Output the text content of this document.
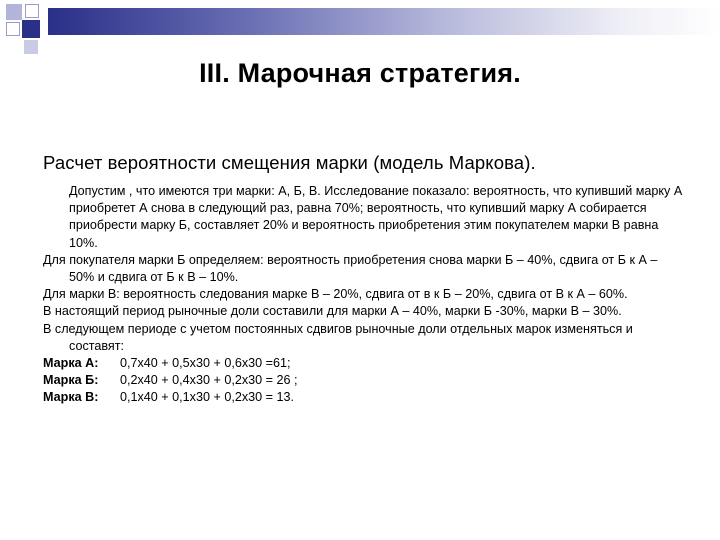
III. Марочная стратегия.
Расчет вероятности смещения марки (модель Маркова).

Допустим , что имеются три марки: А, Б, В. Исследование показало: вероятность, что купивший марку А приобретет А снова в следующий раз, равна 70%; вероятность, что купивший марку А собирается приобрести марку Б, составляет 20% и вероятность приобретения этим покупателем марки В равна 10%.

Для покупателя марки Б определяем: вероятность приобретения снова марки Б – 40%, сдвига от Б к А – 50% и сдвига от Б к В – 10%.

Для марки В: вероятность следования марке В – 20%, сдвига от в к Б – 20%, сдвига от В к А – 60%.

В настоящий период рыночные доли составили для марки А – 40%, марки Б -30%, марки В – 30%.

В следующем периоде с учетом постоянных сдвигов рыночные доли отдельных марок изменяться и составят:

Марка А:	0,7х40 + 0,5х30 + 0,6х30 =61;
Марка Б:	0,2х40 + 0,4х30 + 0,2х30 = 26 ;
Марка В:	0,1х40 + 0,1х30 + 0,2х30 = 13.
